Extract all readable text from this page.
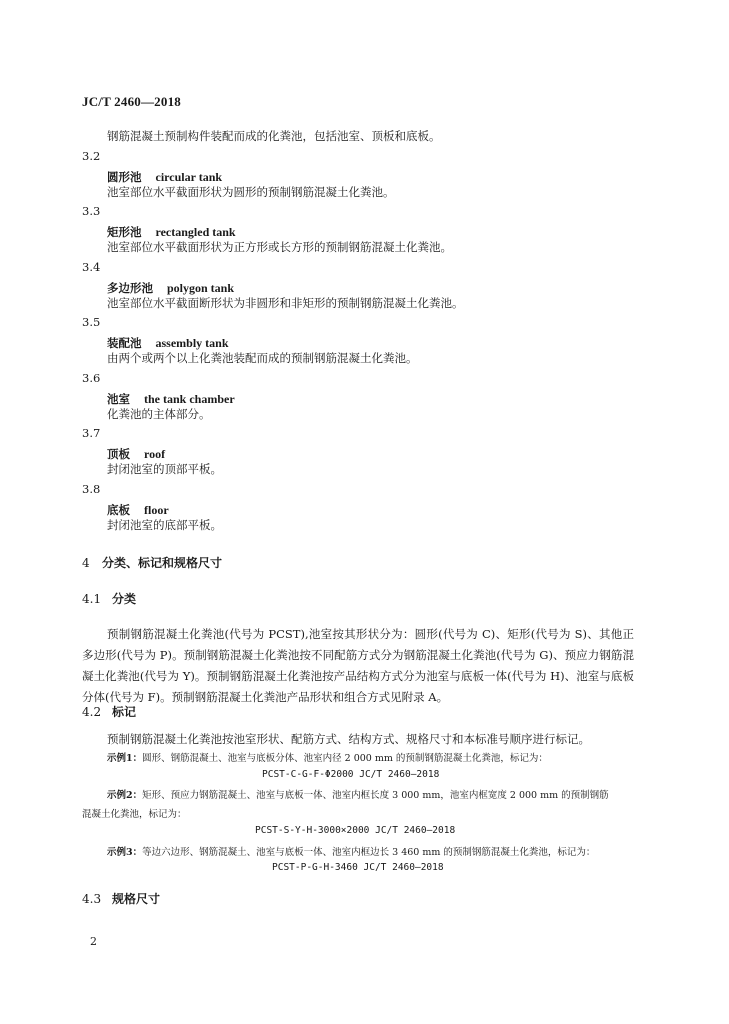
JC/T 2460—2018
钢筋混凝土预制构件装配而成的化粪池，包括池室、顶板和底板。
3.2
圆形池 circular tank
池室部位水平截面形状为圆形的预制钢筋混凝土化粪池。
3.3
矩形池 rectangled tank
池室部位水平截面形状为正方形或长方形的预制钢筋混凝土化粪池。
3.4
多边形池 polygon tank
池室部位水平截面断形状为非圆形和非矩形的预制钢筋混凝土化粪池。
3.5
装配池 assembly tank
由两个或两个以上化粪池装配而成的预制钢筋混凝土化粪池。
3.6
池室 the tank chamber
化粪池的主体部分。
3.7
顶板 roof
封闭池室的顶部平板。
3.8
底板 floor
封闭池室的底部平板。
4 分类、标记和规格尺寸
4.1 分类
预制钢筋混凝土化粪池(代号为 PCST),池室按其形状分为：圆形(代号为 C)、矩形(代号为 S)、其他正多边形(代号为 P)。预制钢筋混凝土化粪池按不同配筋方式分为钢筋混凝土化粪池(代号为 G)、预应力钢筋混凝土化粪池(代号为 Y)。预制钢筋混凝土化粪池按产品结构方式分为池室与底板一体(代号为 H)、池室与底板分体(代号为 F)。预制钢筋混凝土化粪池产品形状和组合方式见附录 A。
4.2 标记
预制钢筋混凝土化粪池按池室形状、配筋方式、结构方式、规格尺寸和本标准号顺序进行标记。
示例1：圆形、钢筋混凝土、池室与底板分体、池室内径 2 000 mm 的预制钢筋混凝土化粪池，标记为：
PCST-C-G-F-Φ2000 JC/T 2460—2018
示例2：矩形、预应力钢筋混凝土、池室与底板一体、池室内框长度 3 000 mm，池室内框宽度 2 000 mm 的预制钢筋
混凝土化粪池，标记为：
PCST-S-Y-H-3000×2000 JC/T 2460—2018
示例3：等边六边形、钢筋混凝土、池室与底板一体、池室内框边长 3 460 mm 的预制钢筋混凝土化粪池，标记为：
PCST-P-G-H-3460 JC/T 2460—2018
4.3 规格尺寸
2
